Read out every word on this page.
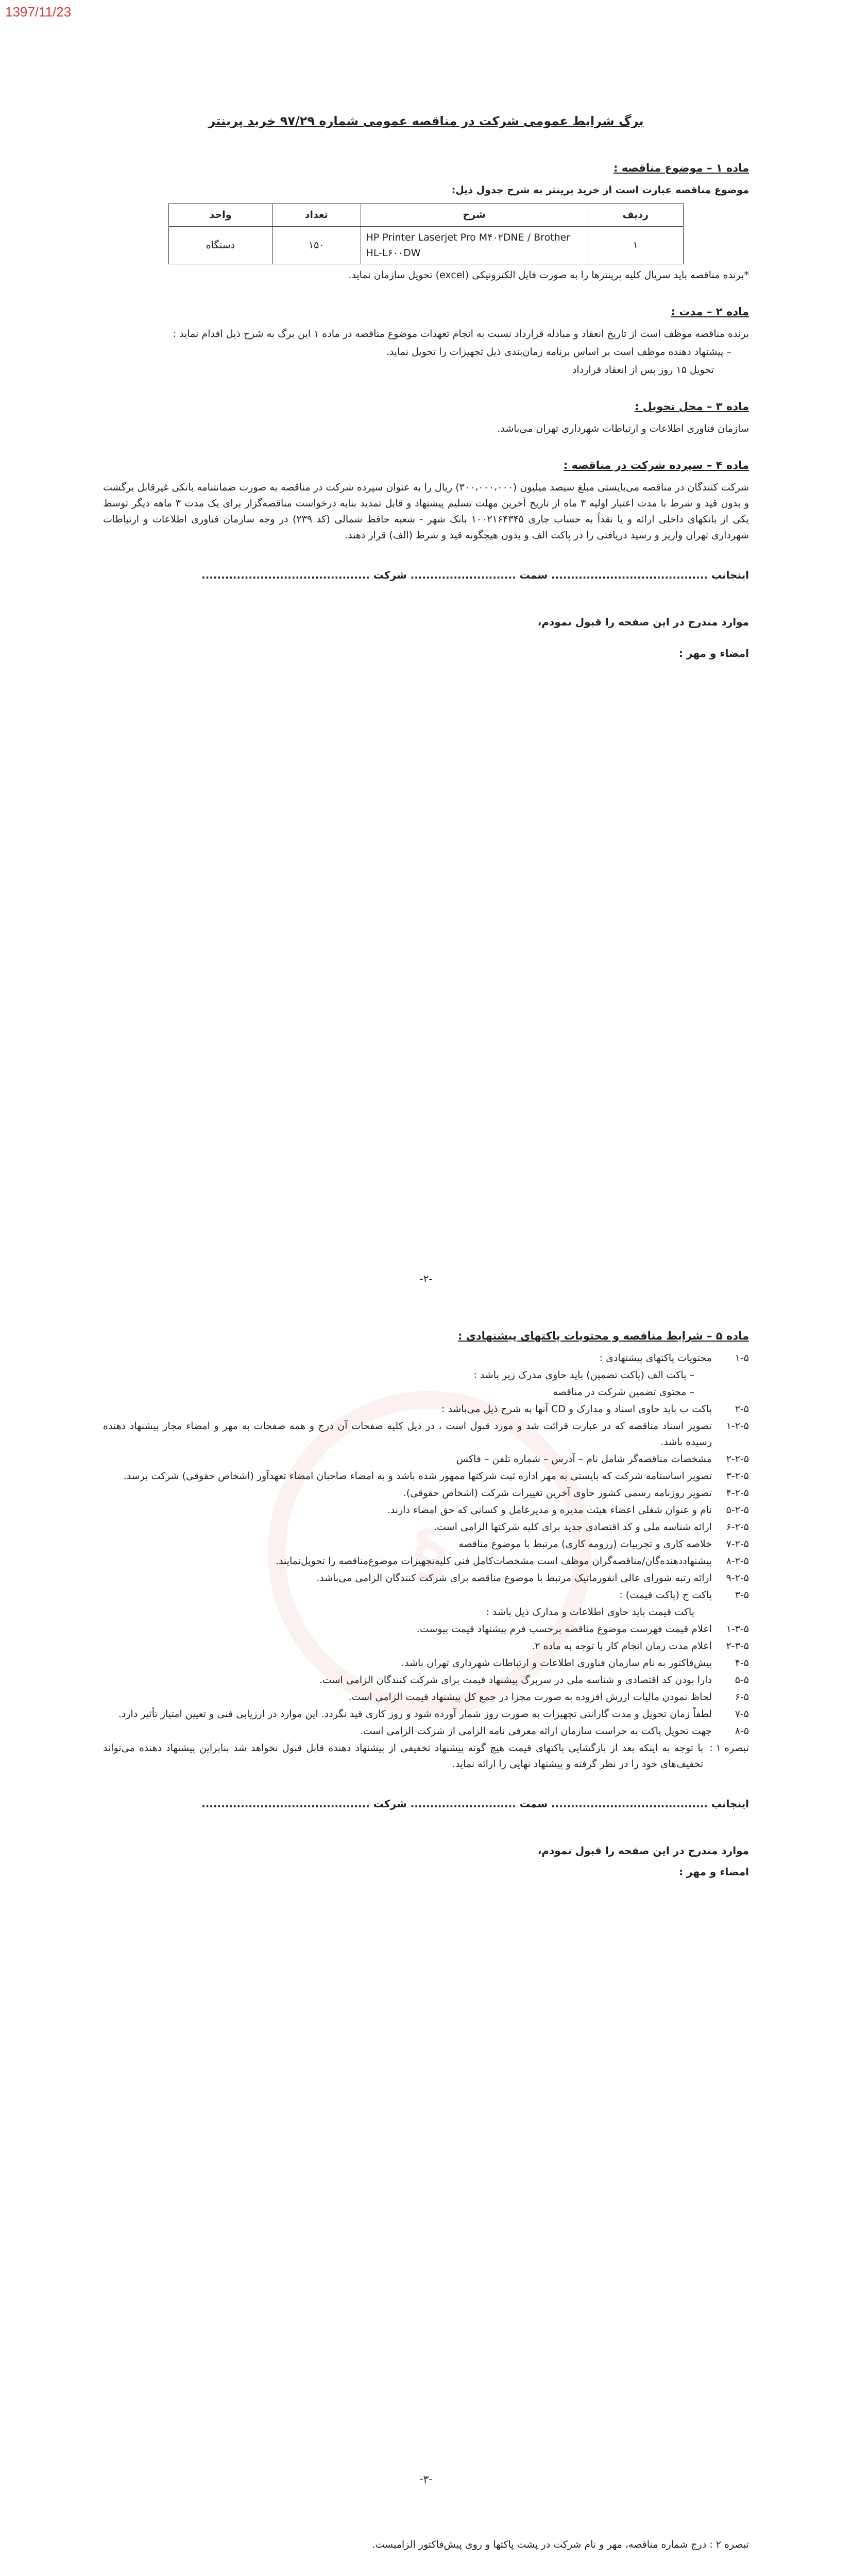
1397/11/23
§
برگ شرایط عمومی شرکت در مناقصه عمومی شماره ۹۷/۲۹ خرید پرینتر
ماده ۱ – موضوع مناقصه :
موضوع مناقصه عبارت است از خرید پرینتر به شرح جدول ذیل:
ردیف	شرح	تعداد	واحد
۱	HP Printer Laserjet Pro M۴۰۲DNE / Brother HL-L۶۰۰DW	۱۵۰	دستگاه
*برنده مناقصه باید سریال کلیه پرینترها را به صورت فایل الکترونیکی (excel) تحویل سازمان نماید.
ماده ۲ – مدت :
برنده مناقصه موظف است از تاریخ انعقاد و مبادله قرارداد نسبت به انجام تعهدات موضوع مناقصه در ماده ۱ این برگ به شرح ذیل اقدام نماید :
– پیشنهاد دهنده موظف است بر اساس برنامه زمان‌بندی ذیل تجهیزات را تحویل نماید.
تحویل ۱۵ روز پس از انعقاد قرارداد
ماده ۳ – محل تحویل :
سازمان فناوری اطلاعات و ارتباطات شهرداری تهران می‌باشد.
ماده ۴ – سپرده شرکت در مناقصه :
شرکت کنندگان در مناقصه می‌بایستی مبلغ سیصد میلیون (۳۰۰،۰۰۰،۰۰۰) ریال را به عنوان سپرده شرکت در مناقصه به صورت ضمانتنامه بانکی غیرقابل برگشت و بدون قید و شرط با مدت اعتبار اولیه ۳ ماه از تاریخ آخرین مهلت تسلیم پیشنهاد و قابل تمدید بنابه درخواست مناقصه‌گزار برای یک مدت ۳ ماهه دیگر توسط یکی از بانکهای داخلی ارائه و یا نقداً به حساب جاری ۱۰۰۲۱۶۴۳۴۵ بانک شهر - شعبه حافظ شمالی (کد ۲۳۹) در وجه سازمان فناوری اطلاعات و ارتباطات شهرداری تهران واریز و رسید دریافتی را در پاکت الف و بدون هیچگونه قید و شرط (الف) قرار دهند.
اینجانب ........................................ سمت ........................... شرکت ...........................................
موارد مندرج در این صفحه را قبول نمودم،
امضاء و مهر :
-۲-
ماده ۵ – شرایط مناقصه و محتویات پاکتهای پیشنهادی :
۱-۵
محتویات پاکتهای پیشنهادی :
– پاکت الف (پاکت تضمین) باید حاوی مدرک زیر باشد :
– محتوی تضمین شرکت در مناقصه
۲-۵
پاکت ب باید حاوی اسناد و مدارک و CD آنها به شرح ذیل می‌باشد :
۱-۲-۵
تصویر اسناد مناقصه که در عبارت قرائت شد و مورد قبول است ، در ذیل کلیه صفحات آن درج و همه صفحات به مهر و امضاء مجاز پیشنهاد دهنده رسیده باشد.
۲-۲-۵
مشخصات مناقصه‌گر شامل نام – آدرس – شماره تلفن – فاکس
۳-۲-۵
تصویر اساسنامه شرکت که بایستی به مهر اداره ثبت شرکتها ممهور شده باشد و به امضاء صاحبان امضاء تعهدآور (اشخاص حقوقی) شرکت برسد.
۴-۲-۵
تصویر روزنامه رسمی کشور حاوی آخرین تغییرات شرکت (اشخاص حقوقی).
۵-۲-۵
نام و عنوان شغلی اعضاء هیئت مدیره و مدیرعامل و کسانی که حق امضاء دارند.
۶-۲-۵
ارائه شناسه ملی و کد اقتصادی جدید برای کلیه شرکتها الزامی است.
۷-۲-۵
خلاصه کاری و تجربیات (رزومه کاری) مرتبط با موضوع مناقصه
۸-۲-۵
پیشنهاددهنده‌گان/مناقصه‌گران موظف است مشخصات‌کامل فنی کلیه‌تجهیزات موضوع‌مناقصه را تحویل‌نمایند.
۹-۲-۵
ارائه رتبه شورای عالی انفورماتیک مرتبط با موضوع مناقصه برای شرکت کنندگان الزامی می‌باشد.
۳-۵
پاکت ج (پاکت قیمت) :
پاکت قیمت باید حاوی اطلاعات و مدارک ذیل باشد :
۱-۳-۵
اعلام قیمت فهرست موضوع مناقصه برحسب فرم پیشنهاد قیمت پیوست.
۲-۳-۵
اعلام مدت زمان انجام کار با توجه به ماده ۲.
۴-۵
پیش‌فاکتور به نام سازمان فناوری اطلاعات و ارتباطات شهرداری تهران باشد.
۵-۵
دارا بودن کد اقتصادی و شناسه ملی در سربرگ پیشنهاد قیمت برای شرکت کنندگان الزامی است.
۶-۵
لحاظ نمودن مالیات ارزش افزوده به صورت مجزا در جمع کل پیشنهاد قیمت الزامی است.
۷-۵
لطفاً زمان تحویل و مدت گارانتی تجهیزات به صورت روز شمار آورده شود و روز کاری قید نگردد. این موارد در ارزیابی فنی و تعیین امتیاز تأثیر دارد.
۸-۵
جهت تحویل پاکت به حراست سازمان ارائه معرفی نامه الزامی از شرکت الزامی است.
تبصره ۱ :
با توجه به اینکه بعد از بازگشایی پاکتهای قیمت هیچ گونه پیشنهاد تخفیفی از پیشنهاد دهنده قابل قبول نخواهد شد بنابراین پیشنهاد دهنده می‌تواند تخفیف‌های خود را در نظر گرفته و پیشنهاد نهایی را ارائه نماید.
اینجانب ........................................ سمت ........................... شرکت ...........................................
موارد مندرج در این صفحه را قبول نمودم،
امضاء و مهر :
-۳-
تبصره ۲ : درج شماره مناقصه، مهر و نام شرکت در پشت پاکتها و روی پیش‌فاکتور الزامیست.
